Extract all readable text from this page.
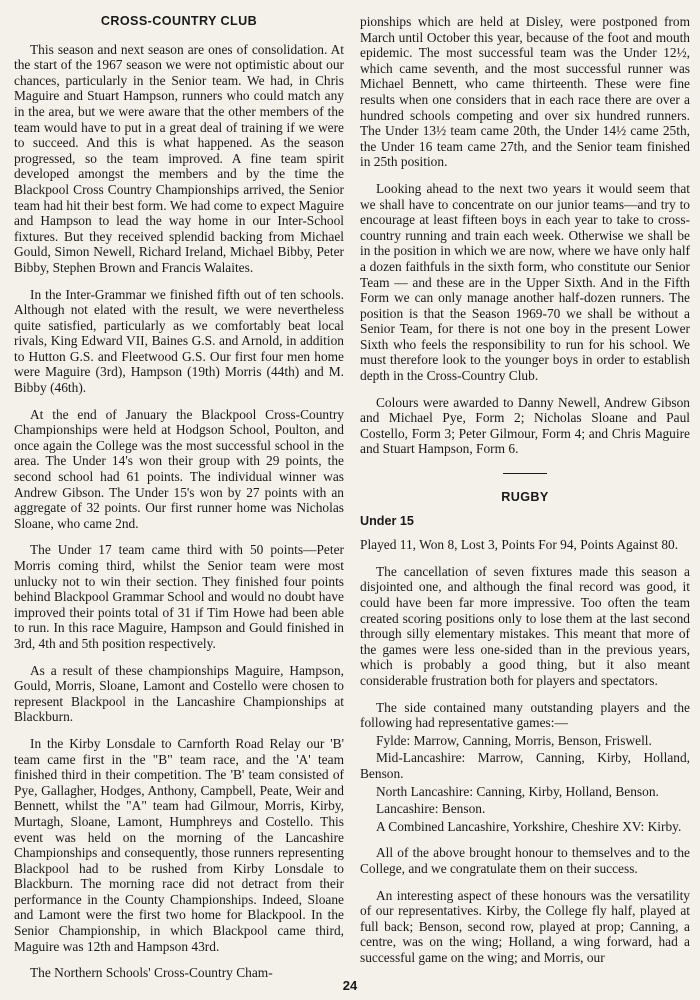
CROSS-COUNTRY CLUB

This season and next season are ones of consolidation. At the start of the 1967 season we were not optimistic about our chances, particularly in the Senior team. We had, in Chris Maguire and Stuart Hampson, runners who could match any in the area, but we were aware that the other members of the team would have to put in a great deal of training if we were to succeed. And this is what happened. As the season progressed, so the team improved. A fine team spirit developed amongst the members and by the time the Blackpool Cross Country Championships arrived, the Senior team had hit their best form. We had come to expect Maguire and Hampson to lead the way home in our Inter-School fixtures. But they received splendid backing from Michael Gould, Simon Newell, Richard Ireland, Michael Bibby, Peter Bibby, Stephen Brown and Francis Walaites.

In the Inter-Grammar we finished fifth out of ten schools. Although not elated with the result, we were nevertheless quite satisfied, particularly as we comfortably beat local rivals, King Edward VII, Baines G.S. and Arnold, in addition to Hutton G.S. and Fleetwood G.S. Our first four men home were Maguire (3rd), Hampson (19th) Morris (44th) and M. Bibby (46th).

At the end of January the Blackpool Cross-Country Championships were held at Hodgson School, Poulton, and once again the College was the most successful school in the area. The Under 14's won their group with 29 points, the second school had 61 points. The individual winner was Andrew Gibson. The Under 15's won by 27 points with an aggregate of 32 points. Our first runner home was Nicholas Sloane, who came 2nd.

The Under 17 team came third with 50 points—Peter Morris coming third, whilst the Senior team were most unlucky not to win their section. They finished four points behind Blackpool Grammar School and would no doubt have improved their points total of 31 if Tim Howe had been able to run. In this race Maguire, Hampson and Gould finished in 3rd, 4th and 5th position respectively.

As a result of these championships Maguire, Hampson, Gould, Morris, Sloane, Lamont and Costello were chosen to represent Blackpool in the Lancashire Championships at Blackburn.

In the Kirby Lonsdale to Carnforth Road Relay our 'B' team came first in the "B" team race, and the 'A' team finished third in their competition. The 'B' team consisted of Pye, Gallagher, Hodges, Anthony, Campbell, Peate, Weir and Bennett, whilst the "A" team had Gilmour, Morris, Kirby, Murtagh, Sloane, Lamont, Humphreys and Costello. This event was held on the morning of the Lancashire Championships and consequently, those runners representing Blackpool had to be rushed from Kirby Lonsdale to Blackburn. The morning race did not detract from their performance in the County Championships. Indeed, Sloane and Lamont were the first two home for Blackpool. In the Senior Championship, in which Blackpool came third, Maguire was 12th and Hampson 43rd.

The Northern Schools' Cross-Country Cham-

pionships which are held at Disley, were postponed from March until October this year, because of the foot and mouth epidemic. The most successful team was the Under 12½, which came seventh, and the most successful runner was Michael Bennett, who came thirteenth. These were fine results when one considers that in each race there are over a hundred schools competing and over six hundred runners. The Under 13½ team came 20th, the Under 14½ came 25th, the Under 16 team came 27th, and the Senior team finished in 25th position.

Looking ahead to the next two years it would seem that we shall have to concentrate on our junior teams—and try to encourage at least fifteen boys in each year to take to cross-country running and train each week. Otherwise we shall be in the position in which we are now, where we have only half a dozen faithfuls in the sixth form, who constitute our Senior Team — and these are in the Upper Sixth. And in the Fifth Form we can only manage another half-dozen runners. The position is that the Season 1969-70 we shall be without a Senior Team, for there is not one boy in the present Lower Sixth who feels the responsibility to run for his school. We must therefore look to the younger boys in order to establish depth in the Cross-Country Club.

Colours were awarded to Danny Newell, Andrew Gibson and Michael Pye, Form 2; Nicholas Sloane and Paul Costello, Form 3; Peter Gilmour, Form 4; and Chris Maguire and Stuart Hampson, Form 6.

RUGBY
Under 15

Played 11, Won 8, Lost 3, Points For 94, Points Against 80.

The cancellation of seven fixtures made this season a disjointed one, and although the final record was good, it could have been far more impressive. Too often the team created scoring positions only to lose them at the last second through silly elementary mistakes. This meant that more of the games were less one-sided than in the previous years, which is probably a good thing, but it also meant considerable frustration both for players and spectators.

The side contained many outstanding players and the following had representative games:—

Fylde: Marrow, Canning, Morris, Benson, Friswell.

Mid-Lancashire: Marrow, Canning, Kirby, Holland, Benson.

North Lancashire: Canning, Kirby, Holland, Benson.

Lancashire: Benson.

A Combined Lancashire, Yorkshire, Cheshire XV: Kirby.

All of the above brought honour to themselves and to the College, and we congratulate them on their success.

An interesting aspect of these honours was the versatility of our representatives. Kirby, the College fly half, played at full back; Benson, second row, played at prop; Canning, a centre, was on the wing; Holland, a wing forward, had a successful game on the wing; and Morris, our

24
